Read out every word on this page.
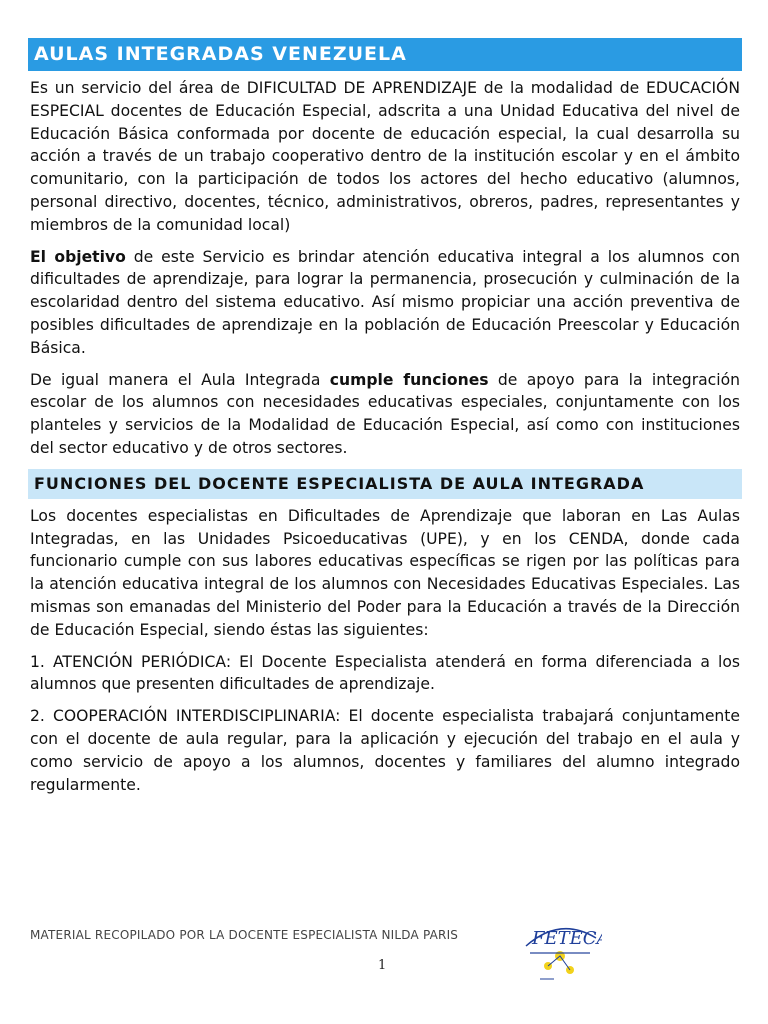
AULAS INTEGRADAS VENEZUELA

Es un servicio del área de DIFICULTAD DE APRENDIZAJE de la modalidad de EDUCACIÓN ESPECIAL docentes de Educación Especial, adscrita a una Unidad Educativa del nivel de Educación Básica conformada por docente de educación especial, la cual desarrolla su acción a través de un trabajo cooperativo dentro de la institución escolar y en el ámbito comunitario, con la participación de todos los actores del hecho educativo (alumnos, personal directivo, docentes, técnico, administrativos, obreros, padres, representantes y miembros de la comunidad local)

El objetivo de este Servicio es brindar atención educativa integral a los alumnos con dificultades de aprendizaje, para lograr la permanencia, prosecución y culminación de la escolaridad dentro del sistema educativo. Así mismo propiciar una acción preventiva de posibles dificultades de aprendizaje en la población de Educación Preescolar y Educación Básica.

De igual manera el Aula Integrada cumple funciones de apoyo para la integración escolar de los alumnos con necesidades educativas especiales, conjuntamente con los planteles y servicios de la Modalidad de Educación Especial, así como con instituciones del sector educativo y de otros sectores.

FUNCIONES DEL DOCENTE ESPECIALISTA DE AULA INTEGRADA

Los docentes especialistas en Dificultades de Aprendizaje que laboran en Las Aulas Integradas, en las Unidades Psicoeducativas (UPE), y en los CENDA, donde cada funcionario cumple con sus labores educativas específicas se rigen por las políticas para la atención educativa integral de los alumnos con Necesidades Educativas Especiales. Las mismas son emanadas del Ministerio del Poder para la Educación a través de la Dirección de Educación Especial, siendo éstas las siguientes:

1. ATENCIÓN PERIÓDICA: El Docente Especialista atenderá en forma diferenciada a los alumnos que presenten dificultades de aprendizaje.

2. COOPERACIÓN INTERDISCIPLINARIA: El docente especialista trabajará conjuntamente con el docente de aula regular, para la aplicación y ejecución del trabajo en el aula y como servicio de apoyo a los alumnos, docentes y familiares del alumno integrado regularmente.

MATERIAL RECOPILADO POR LA DOCENTE ESPECIALISTA NILDA PARIS
1
FETECA
